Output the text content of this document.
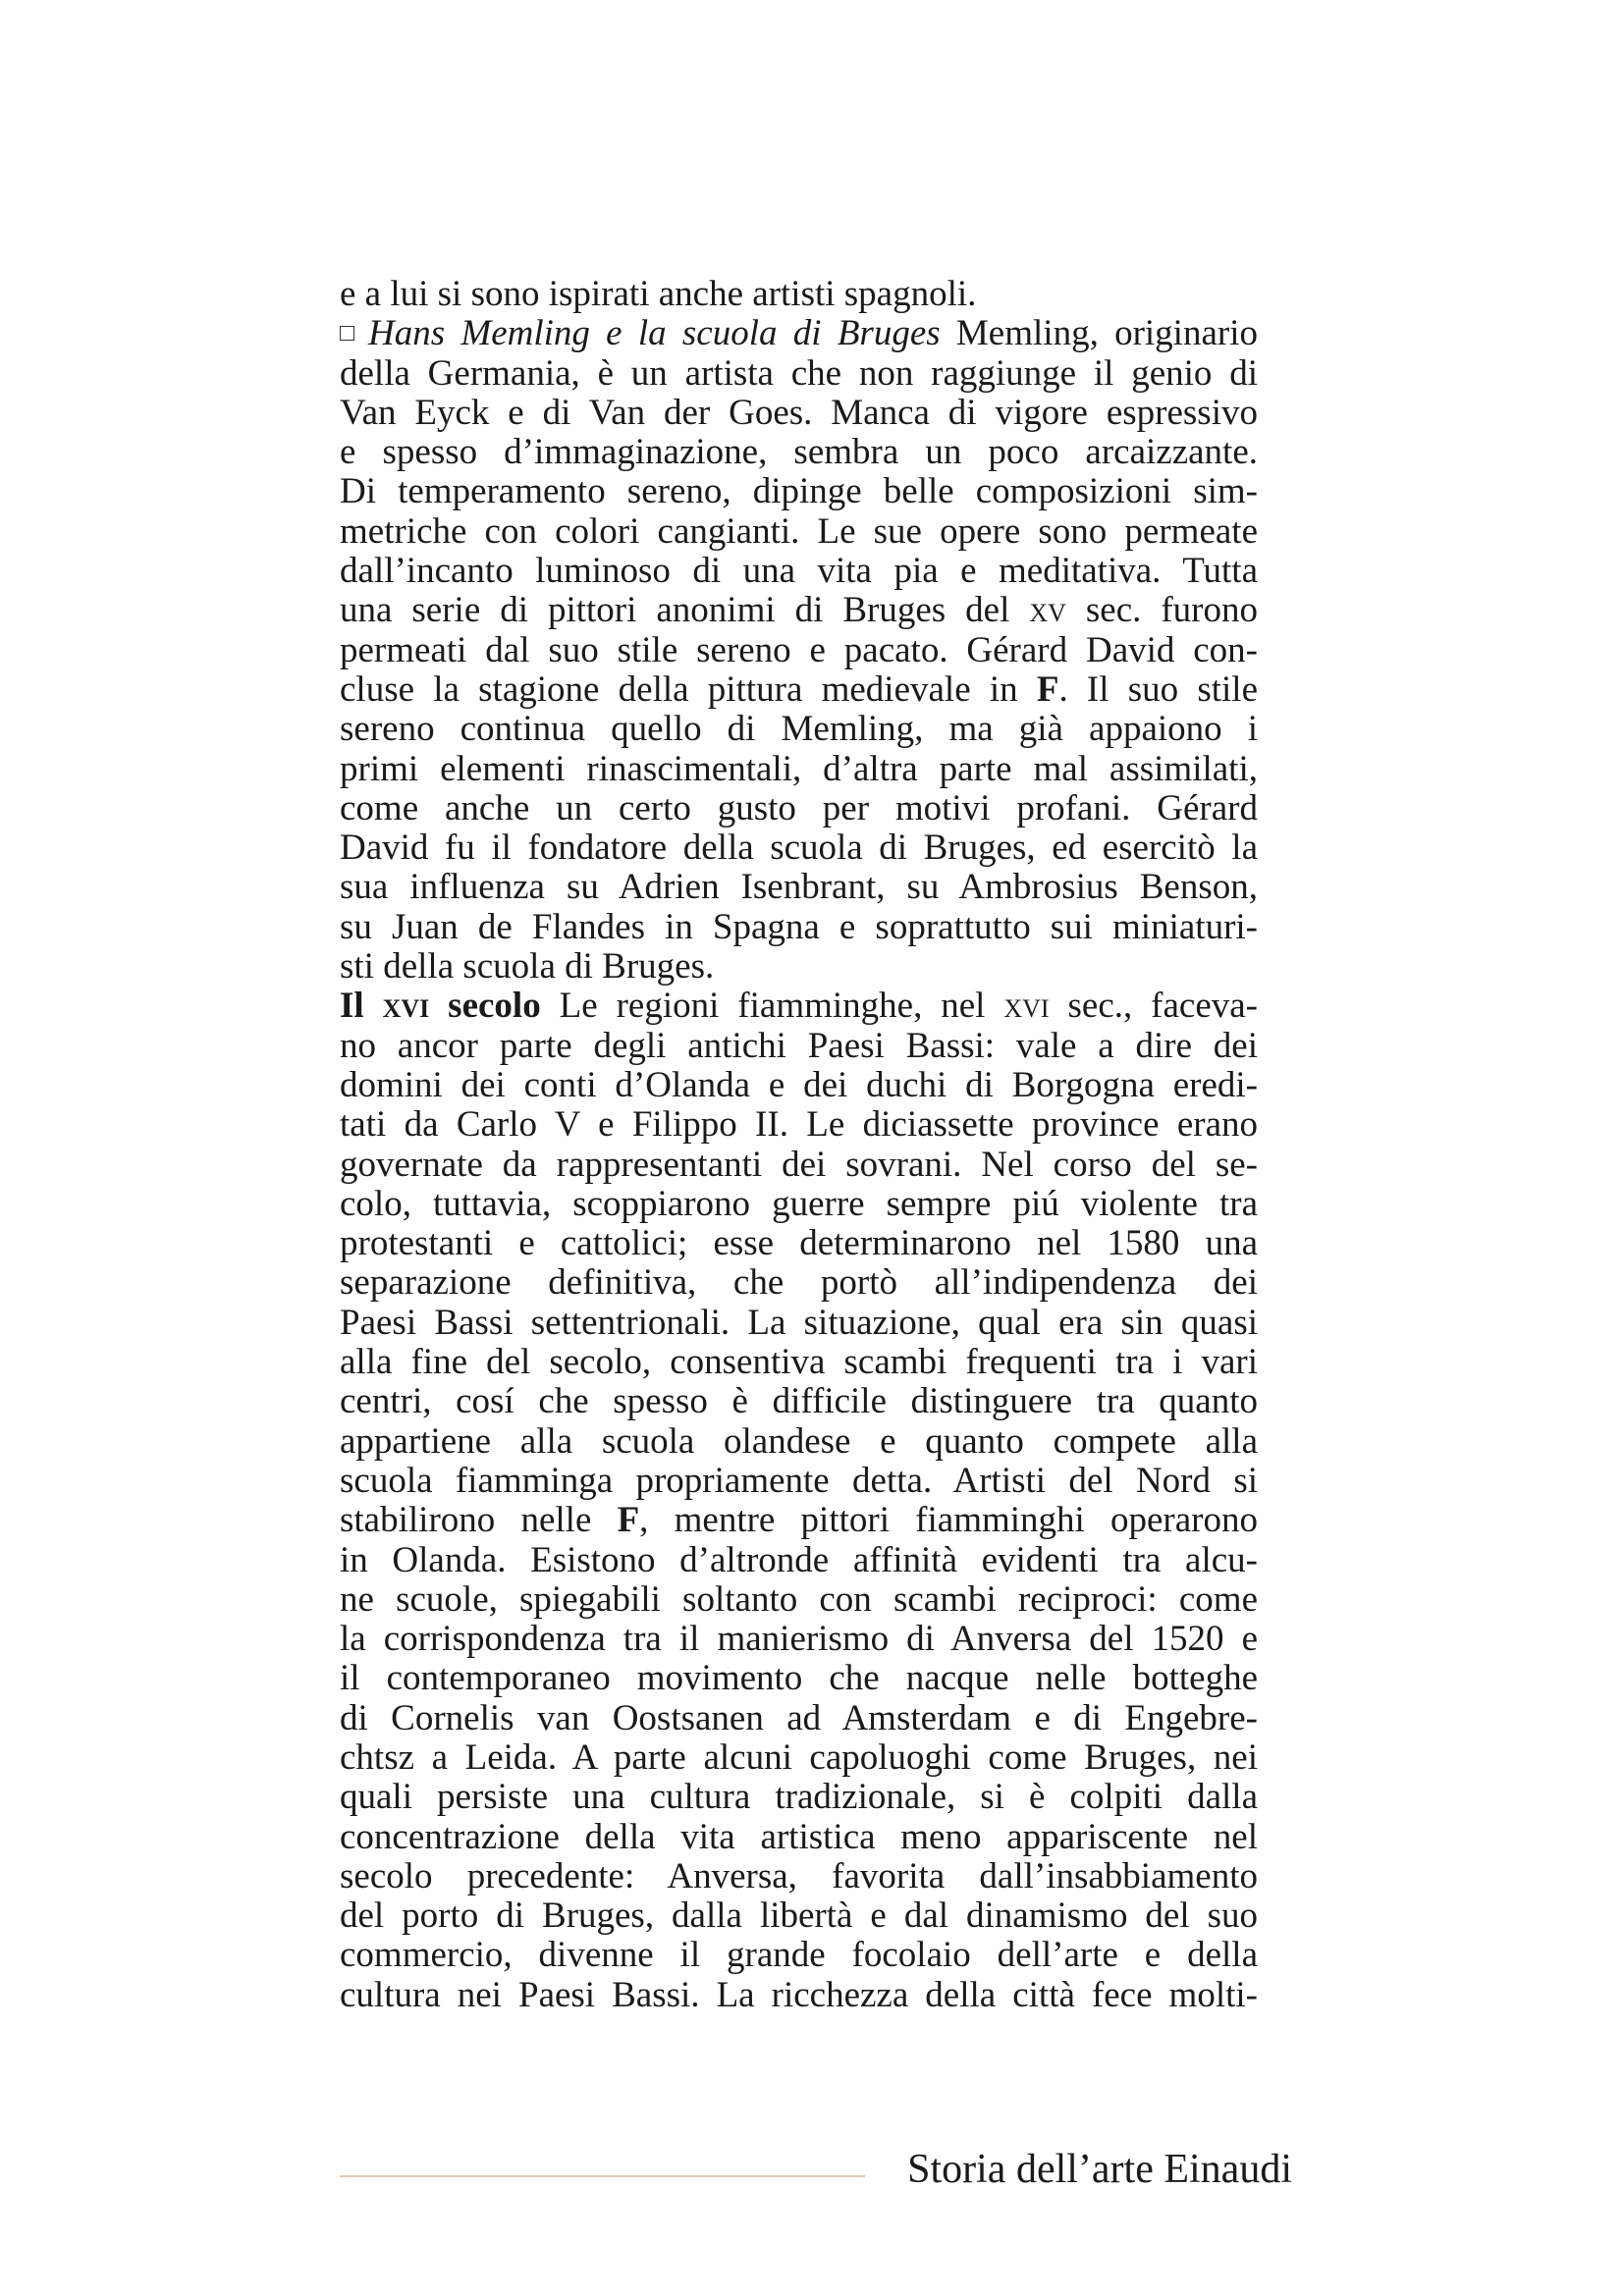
e a lui si sono ispirati anche artisti spagnoli.
Hans Memling e la scuola di Bruges Memling, originario
della Germania, è un artista che non raggiunge il genio di
Van Eyck e di Van der Goes. Manca di vigore espressivo
e spesso d’immaginazione, sembra un poco arcaizzante.
Di temperamento sereno, dipinge belle composizioni sim-
metriche con colori cangianti. Le sue opere sono permeate
dall’incanto luminoso di una vita pia e meditativa. Tutta
una serie di pittori anonimi di Bruges del xv sec. furono
permeati dal suo stile sereno e pacato. Gérard David con-
cluse la stagione della pittura medievale in F. Il suo stile
sereno continua quello di Memling, ma già appaiono i
primi elementi rinascimentali, d’altra parte mal assimilati,
come anche un certo gusto per motivi profani. Gérard
David fu il fondatore della scuola di Bruges, ed esercitò la
sua influenza su Adrien Isenbrant, su Ambrosius Benson,
su Juan de Flandes in Spagna e soprattutto sui miniaturi-
sti della scuola di Bruges.
Il xvi secolo Le regioni fiamminghe, nel xvi sec., faceva-
no ancor parte degli antichi Paesi Bassi: vale a dire dei
domini dei conti d’Olanda e dei duchi di Borgogna eredi-
tati da Carlo V e Filippo II. Le diciassette province erano
governate da rappresentanti dei sovrani. Nel corso del se-
colo, tuttavia, scoppiarono guerre sempre piú violente tra
protestanti e cattolici; esse determinarono nel 1580 una
separazione definitiva, che portò all’indipendenza dei
Paesi Bassi settentrionali. La situazione, qual era sin quasi
alla fine del secolo, consentiva scambi frequenti tra i vari
centri, cosí che spesso è difficile distinguere tra quanto
appartiene alla scuola olandese e quanto compete alla
scuola fiamminga propriamente detta. Artisti del Nord si
stabilirono nelle F, mentre pittori fiamminghi operarono
in Olanda. Esistono d’altronde affinità evidenti tra alcu-
ne scuole, spiegabili soltanto con scambi reciproci: come
la corrispondenza tra il manierismo di Anversa del 1520 e
il contemporaneo movimento che nacque nelle botteghe
di Cornelis van Oostsanen ad Amsterdam e di Engebre-
chtsz a Leida. A parte alcuni capoluoghi come Bruges, nei
quali persiste una cultura tradizionale, si è colpiti dalla
concentrazione della vita artistica meno appariscente nel
secolo precedente: Anversa, favorita dall’insabbiamento
del porto di Bruges, dalla libertà e dal dinamismo del suo
commercio, divenne il grande focolaio dell’arte e della
cultura nei Paesi Bassi. La ricchezza della città fece molti-
Storia dell’arte Einaudi
